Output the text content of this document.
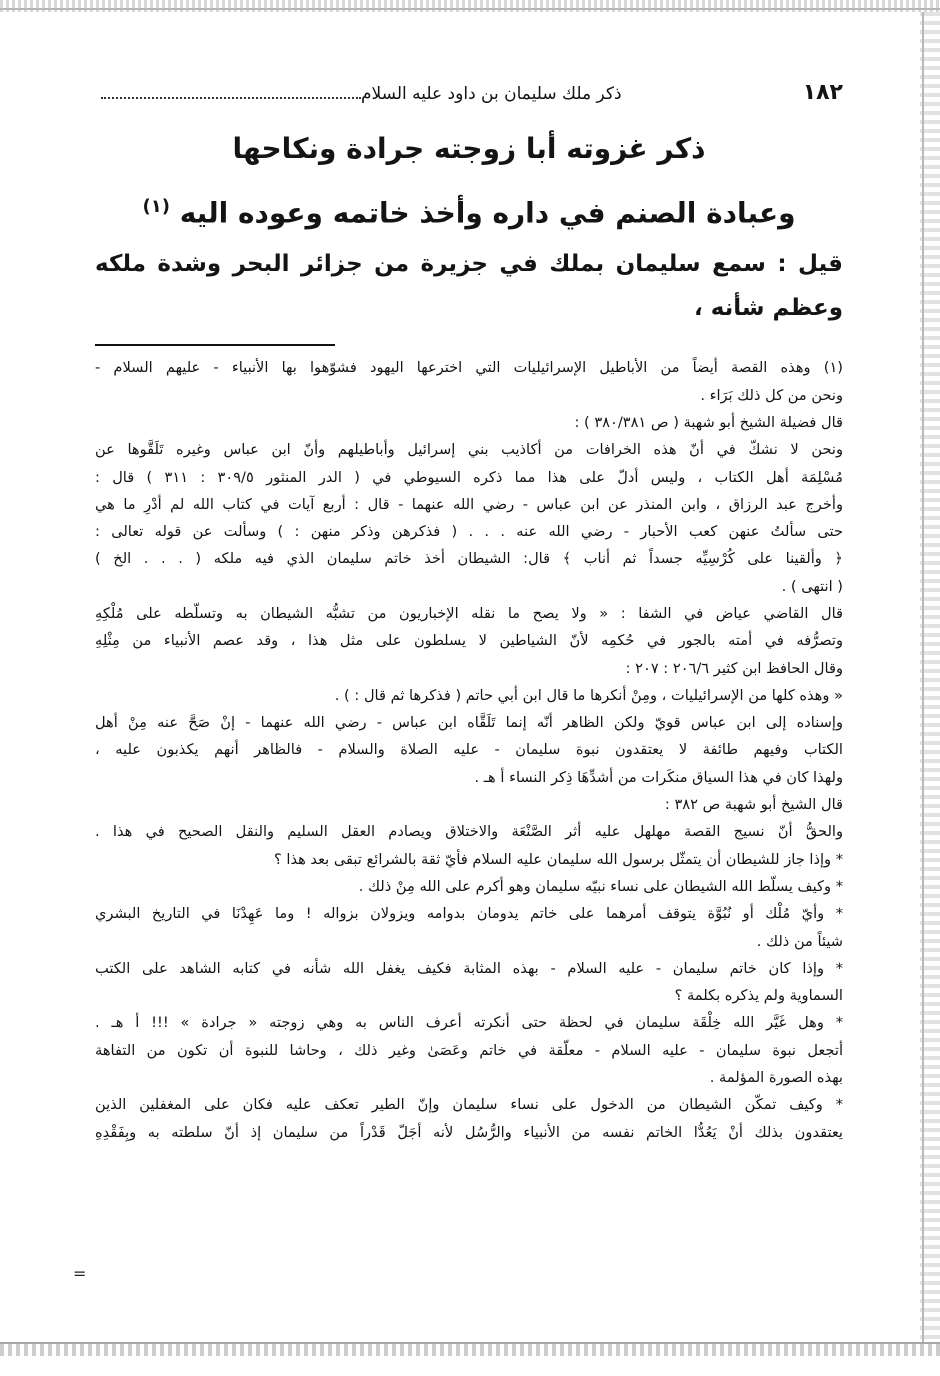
١٨٢
ذكر ملك سليمان بن داود عليه السلام
ذكر غزوته أبا زوجته جرادة ونكاحها
وعبادة الصنم في داره وأخذ خاتمه وعوده اليه $^{(١)}$
قيل : سمع سليمان بملك في جزيرة من جزائر البحر وشدة ملكه وعظم شأنه ،
(١) وهذه القصة أيضاً من الأباطيل الإسرائيليات التي اخترعها اليهود فشوّهوا بها الأنبياء - عليهم السلام -
ونحن من كل ذلك بَرَاء .
قال فضيلة الشيخ أبو شهبة ( ص ٣٨٠/٣٨١ ) :
ونحن لا نشكّ في أنّ هذه الخرافات من أكاذيب بني إسرائيل وأباطيلهم وأنّ ابن عباس وغيره تَلَقَّوها عن
مُسْلِمَة أهل الكتاب ، وليس أدلّ على هذا مما ذكره السيوطي في ( الدر المنثور ٣٠٩/٥ : ٣١١ ) قال :
وأخرج عبد الرزاق ، وابن المنذر عن ابن عباس - رضي الله عنهما - قال : أربع آيات في كتاب الله لم أدْرِ ما هي
حتى سألتُ عنهن كعب الأحبار - رضي الله عنه . . . ( فذكرهن وذكر منهن : ) وسألت عن قوله تعالى :
﴿ وألقينا على كُرْسِيِّه جسداً ثم أناب ﴾ قال: الشيطان أخذ خاتم سليمان الذي فيه ملكه ( . . . الخ )
( انتهى ) .
قال القاضي عياض في الشفا : « ولا يصح ما نقله الإخباريون من تشبُّه الشيطان به وتسلّطه على مُلْكِهِ
وتصرُّفه في أمته بالجور في حُكمِه لأنّ الشياطين لا يسلطون على مثل هذا ، وقد عصم الأنبياء من مِثْلِهِ
وقال الحافظ ابن كثير ٢٠٦/٦ : ٢٠٧ :
« وهذه كلها من الإسرائيليات ، ومِنْ أنكرها ما قال ابن أبي حاتم ( فذكرها ثم قال : ) .
وإسناده إلى ابن عباس قويّ ولكن الظاهر أنّه إنما تَلَقَّاه ابن عباس - رضي الله عنهما - إنْ صَحَّ عنه مِنْ أهل
الكتاب وفيهم طائفة لا يعتقدون نبوة سليمان - عليه الصلاة والسلام - فالظاهر أنهم يكذبون عليه ،
ولهذا كان في هذا السياق منكَرات من أشدِّهَا ذِكر النساء أ هـ .
قال الشيخ أبو شهبة ص ٣٨٢ :
والحقُّ أنّ نسيج القصة مهلهل عليه أثر الصَّنْعَة والاختلاق ويصادم العقل السليم والنقل الصحيح في هذا .
* وإذا جاز للشيطان أن يتمثّل برسول الله سليمان عليه السلام فأيّ ثقة بالشرائع تبقى بعد هذا ؟
* وكيف يسلّط الله الشيطان على نساء نبيّه سليمان وهو أكرم على الله مِنْ ذلك .
* وأيّ مُلْك أو نُبُوَّة يتوقف أمرهما على خاتم يدومان بدوامه ويزولان بزواله ! وما عَهِدْنَا في التاريخ البشري
شيئاً من ذلك .
* وإذا كان خاتم سليمان - عليه السلام - بهذه المثابة فكيف يغفل الله شأنه في كتابه الشاهد على الكتب
السماوية ولم يذكره بكلمة ؟
* وهل غَيَّر الله خِلْقَة سليمان في لحظة حتى أنكرته أعرف الناس به وهي زوجته « جرادة » !!! أ هـ .
أتجعل نبوة سليمان - عليه السلام - معلّقة في خاتم وعَصَىٰ وغير ذلك ، وحاشا للنبوة أن تكون من التفاهة
بهذه الصورة المؤلمة .
* وكيف تمكّن الشيطان من الدخول على نساء سليمان وإنّ الطير تعكف عليه فكان على المغفلين الذين
يعتقدون بذلك أنْ يَعُدُّا الخاتم نفسه من الأنبياء والرُّسُل لأنه أجَلّ قَدْراً من سليمان إذ أنّ سلطته به وبِفَقْدِهِ
=
